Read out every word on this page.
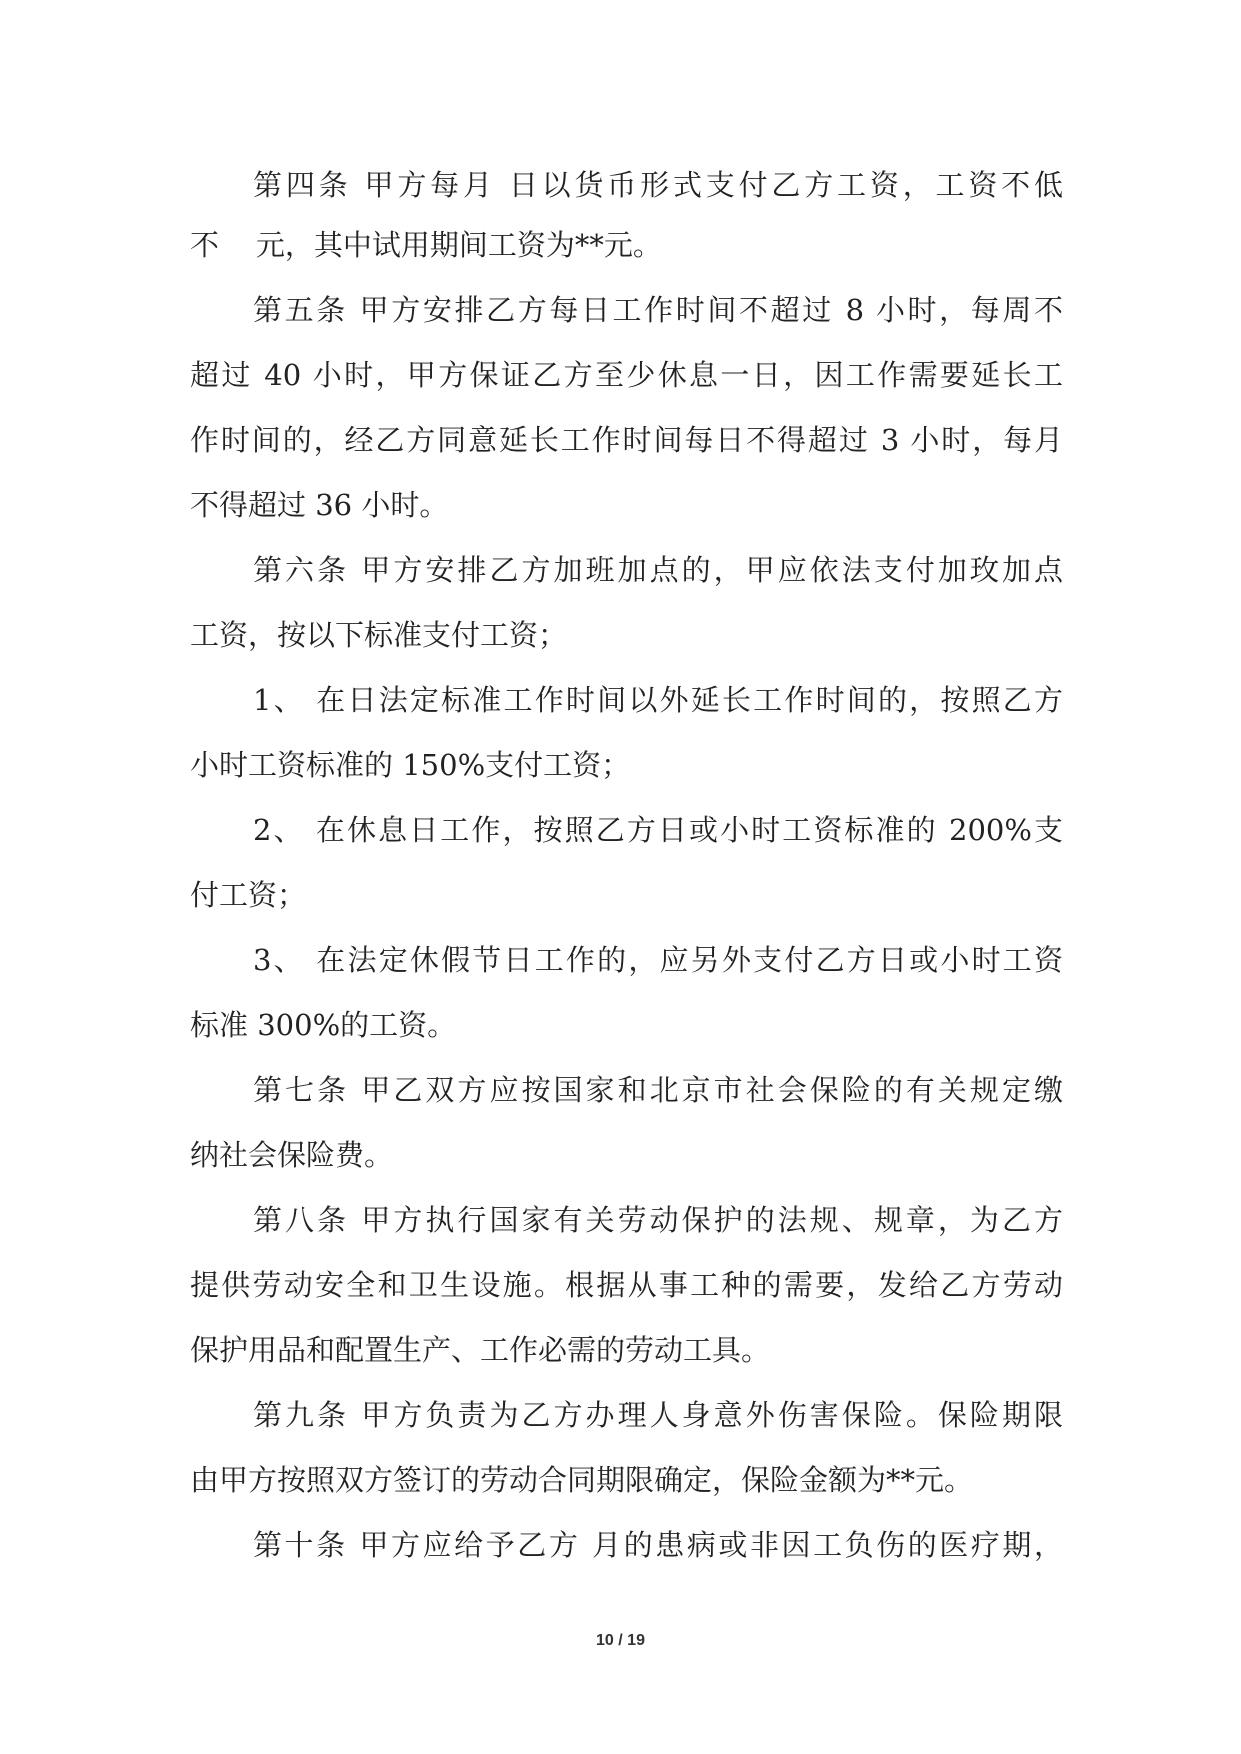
第四条 甲方每月 日以货币形式支付乙方工资，工资不低
不    元，其中试用期间工资为**元。
第五条 甲方安排乙方每日工作时间不超过 8 小时，每周不
超过 40 小时，甲方保证乙方至少休息一日，因工作需要延长工
作时间的，经乙方同意延长工作时间每日不得超过 3 小时，每月
不得超过 36 小时。
第六条 甲方安排乙方加班加点的，甲应依法支付加玫加点
工资，按以下标准支付工资；
1、 在日法定标准工作时间以外延长工作时间的，按照乙方
小时工资标准的 150%支付工资；
2、 在休息日工作，按照乙方日或小时工资标准的 200%支
付工资；
3、 在法定休假节日工作的，应另外支付乙方日或小时工资
标准 300%的工资。
第七条 甲乙双方应按国家和北京市社会保险的有关规定缴
纳社会保险费。
第八条 甲方执行国家有关劳动保护的法规、规章，为乙方
提供劳动安全和卫生设施。根据从事工种的需要，发给乙方劳动
保护用品和配置生产、工作必需的劳动工具。
第九条 甲方负责为乙方办理人身意外伤害保险。保险期限
由甲方按照双方签订的劳动合同期限确定，保险金额为**元。
第十条 甲方应给予乙方 月的患病或非因工负伤的医疗期，
10 / 19
